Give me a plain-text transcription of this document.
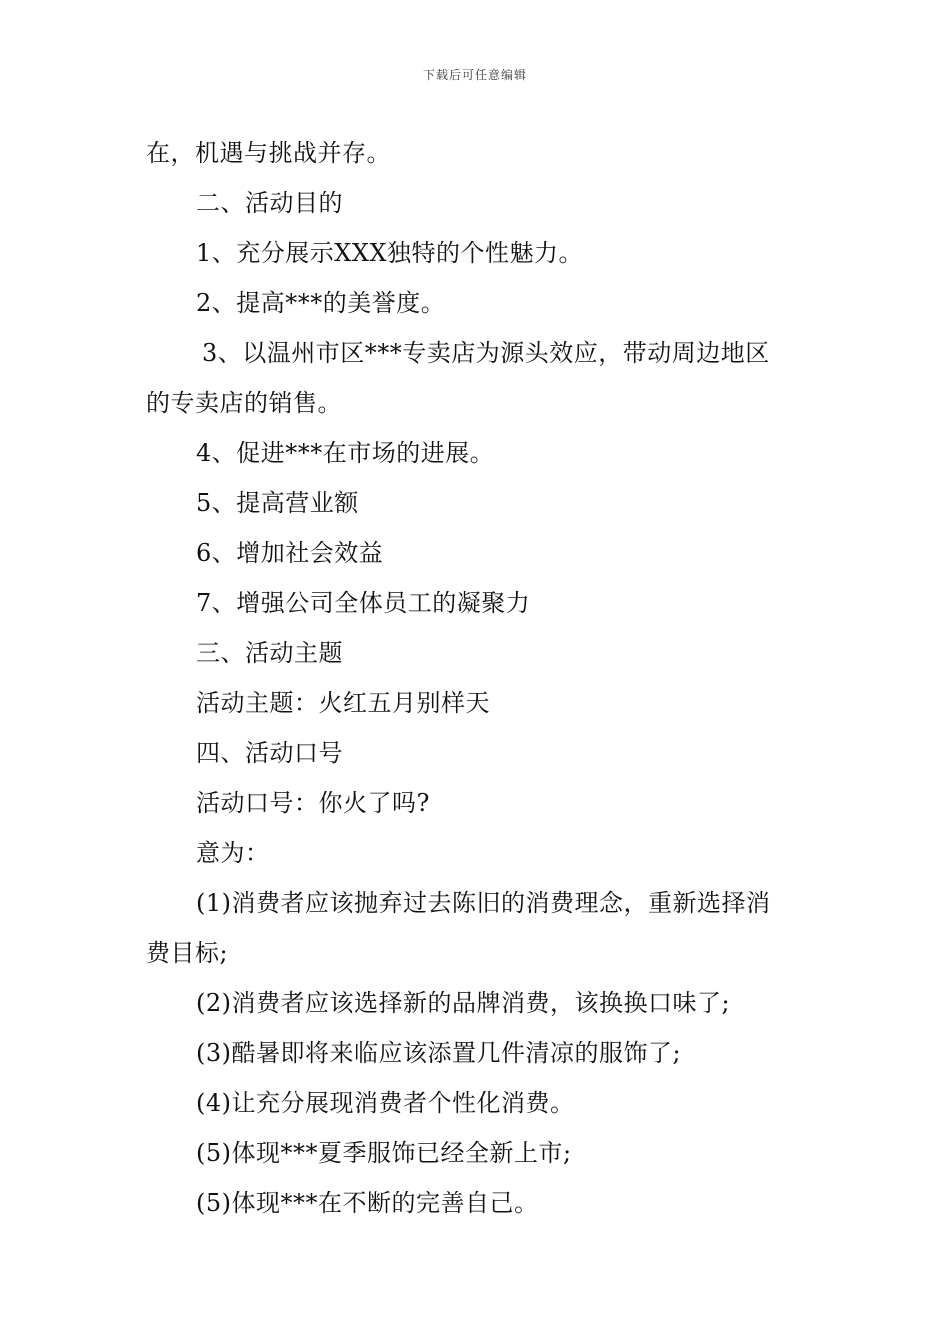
下载后可任意编辑
在，机遇与挑战并存。
二、活动目的
1、充分展示XXX独特的个性魅力。
2、提高***的美誉度。
3、以温州市区***专卖店为源头效应，带动周边地区
的专卖店的销售。
4、促进***在市场的进展。
5、提高营业额
6、增加社会效益
7、增强公司全体员工的凝聚力
三、活动主题
活动主题：火红五月别样天
四、活动口号
活动口号：你火了吗?
意为：
(1)消费者应该抛弃过去陈旧的消费理念，重新选择消
费目标;
(2)消费者应该选择新的品牌消费，该换换口味了;
(3)酷暑即将来临应该添置几件清凉的服饰了;
(4)让充分展现消费者个性化消费。
(5)体现***夏季服饰已经全新上市;
(5)体现***在不断的完善自己。
